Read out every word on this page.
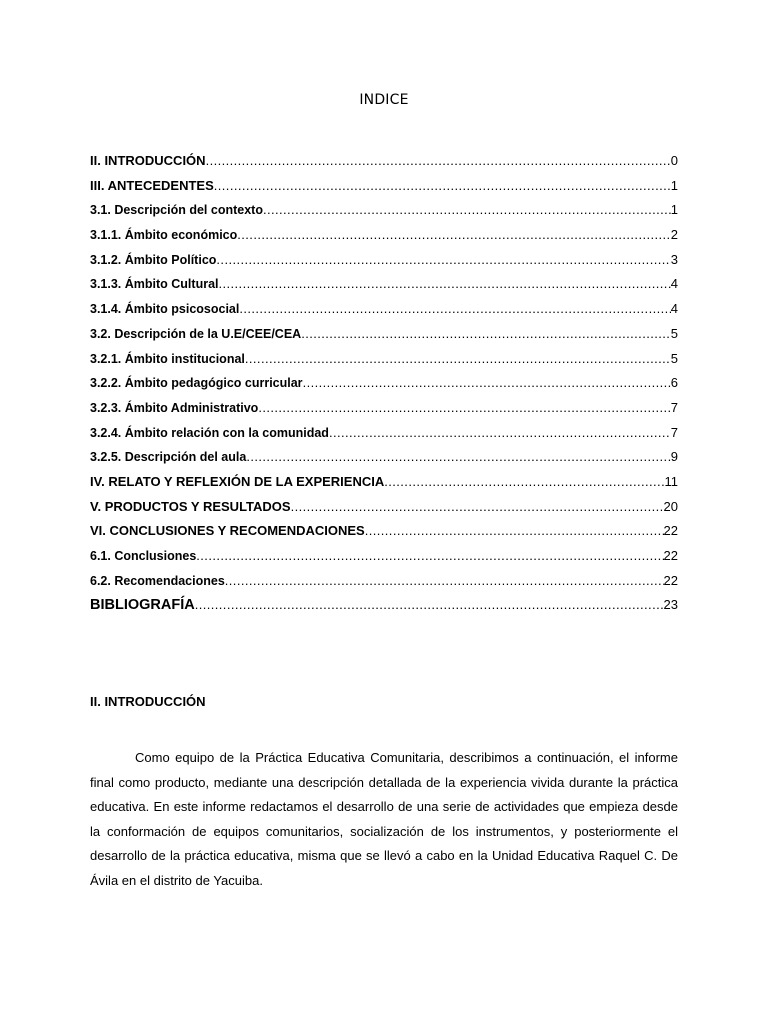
INDICE
II. INTRODUCCIÓN .....	0
III. ANTECEDENTES .....	1
3.1. Descripción del contexto .....	1
3.1.1. Ámbito económico .....	2
3.1.2. Ámbito Político .....	3
3.1.3. Ámbito Cultural .....	4
3.1.4. Ámbito psicosocial .....	4
3.2. Descripción de la U.E/CEE/CEA .....	5
3.2.1. Ámbito institucional .....	5
3.2.2. Ámbito pedagógico curricular .....	6
3.2.3. Ámbito Administrativo .....	7
3.2.4. Ámbito relación con la comunidad .....	7
3.2.5. Descripción del aula .....	9
IV. RELATO Y REFLEXIÓN DE LA EXPERIENCIA .....	11
V. PRODUCTOS Y RESULTADOS .....	20
VI. CONCLUSIONES Y RECOMENDACIONES .....	22
6.1. Conclusiones .....	22
6.2. Recomendaciones .....	22
BIBLIOGRAFÍA .....	23
II. INTRODUCCIÓN

Como equipo de la Práctica Educativa Comunitaria, describimos a continuación, el informe final como producto, mediante una descripción detallada de la experiencia vivida durante la práctica educativa. En este informe redactamos el desarrollo de una serie de actividades que empieza desde la conformación de equipos comunitarios, socialización de los instrumentos, y posteriormente el desarrollo de la práctica educativa, misma que se llevó a cabo en la Unidad Educativa Raquel C. De Ávila en el distrito de Yacuiba.
